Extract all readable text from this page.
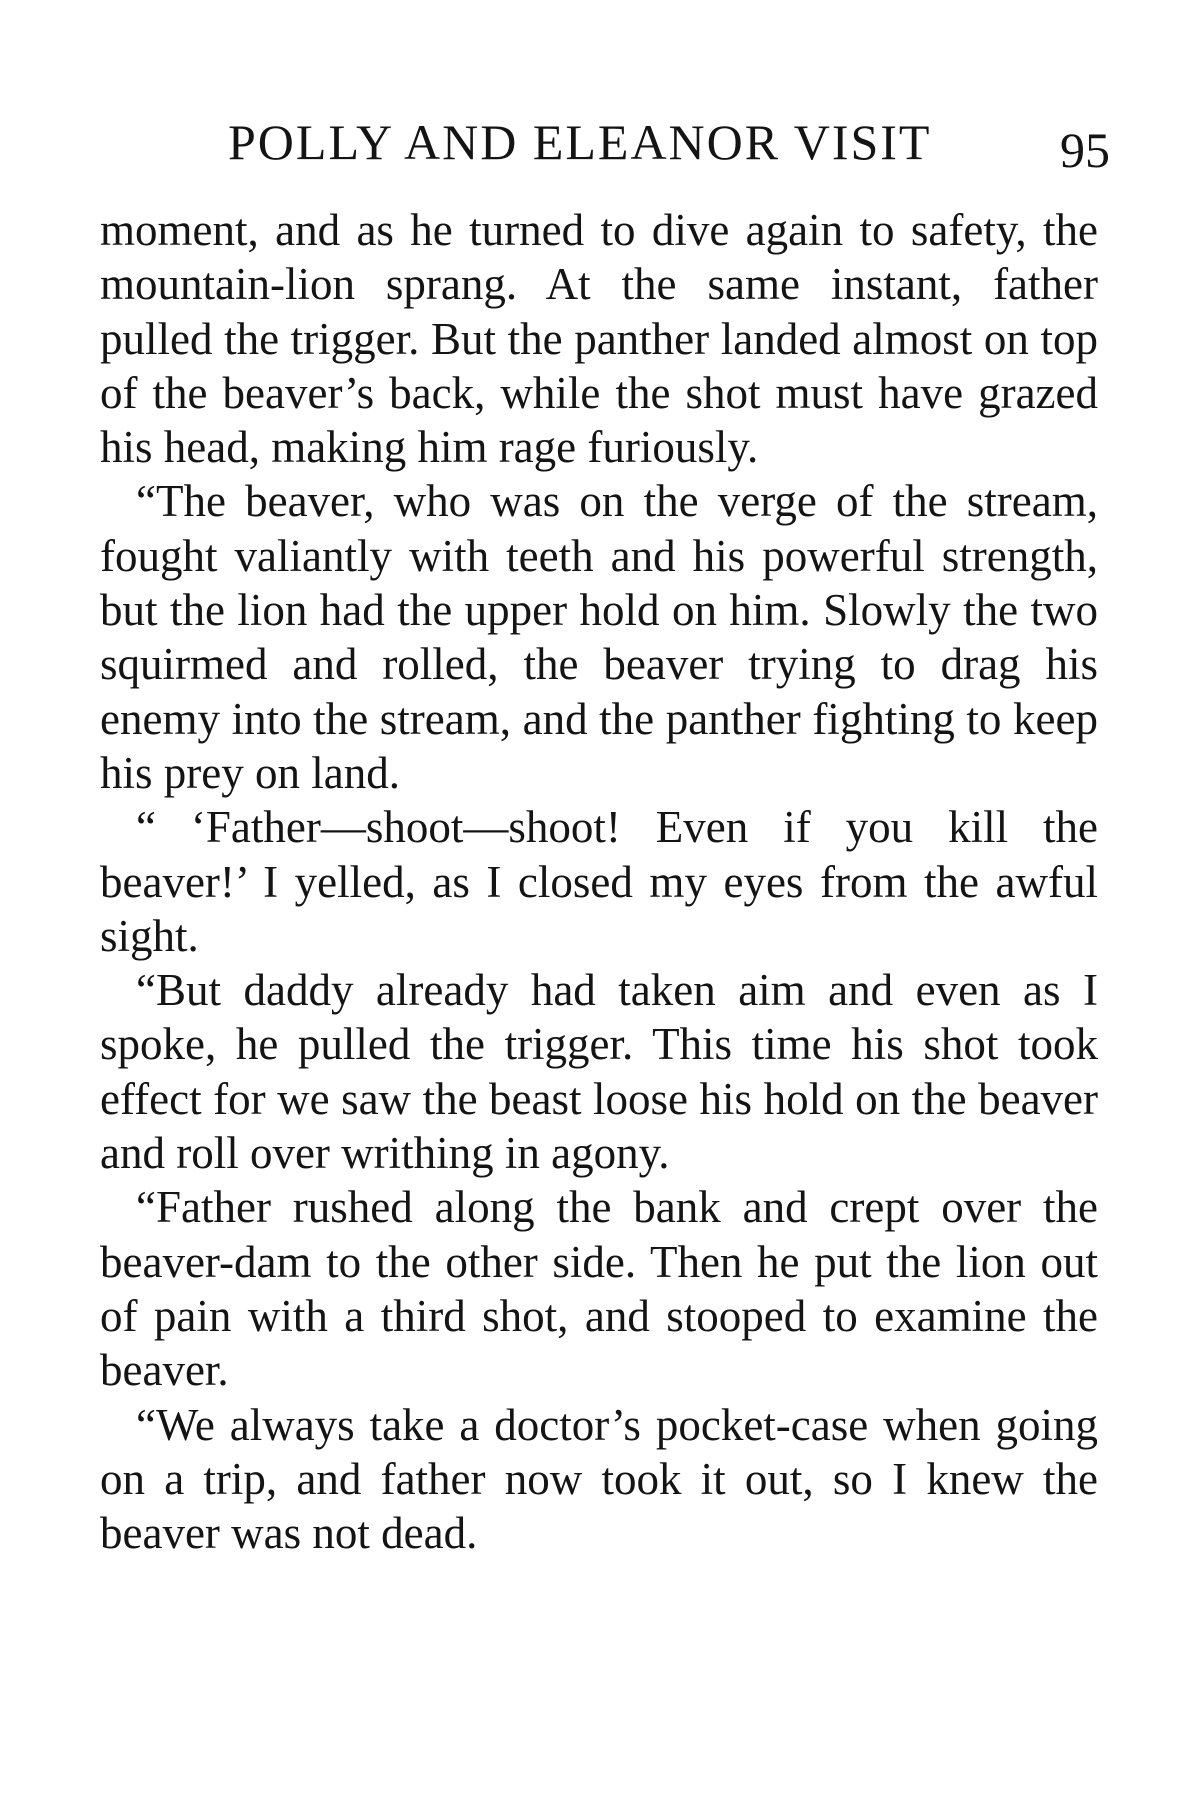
POLLY AND ELEANOR VISIT	95

moment, and as he turned to dive again to safety, the mountain-lion sprang. At the same instant, father pulled the trigger. But the panther landed almost on top of the beaver’s back, while the shot must have grazed his head, making him rage furiously.

“The beaver, who was on the verge of the stream, fought valiantly with teeth and his powerful strength, but the lion had the upper hold on him. Slowly the two squirmed and rolled, the beaver trying to drag his enemy into the stream, and the panther fighting to keep his prey on land.

“ ‘Father—shoot—shoot! Even if you kill the beaver!’ I yelled, as I closed my eyes from the awful sight.

“But daddy already had taken aim and even as I spoke, he pulled the trigger. This time his shot took effect for we saw the beast loose his hold on the beaver and roll over writhing in agony.

“Father rushed along the bank and crept over the beaver-dam to the other side. Then he put the lion out of pain with a third shot, and stooped to examine the beaver.

“We always take a doctor’s pocket-case when going on a trip, and father now took it out, so I knew the beaver was not dead.
